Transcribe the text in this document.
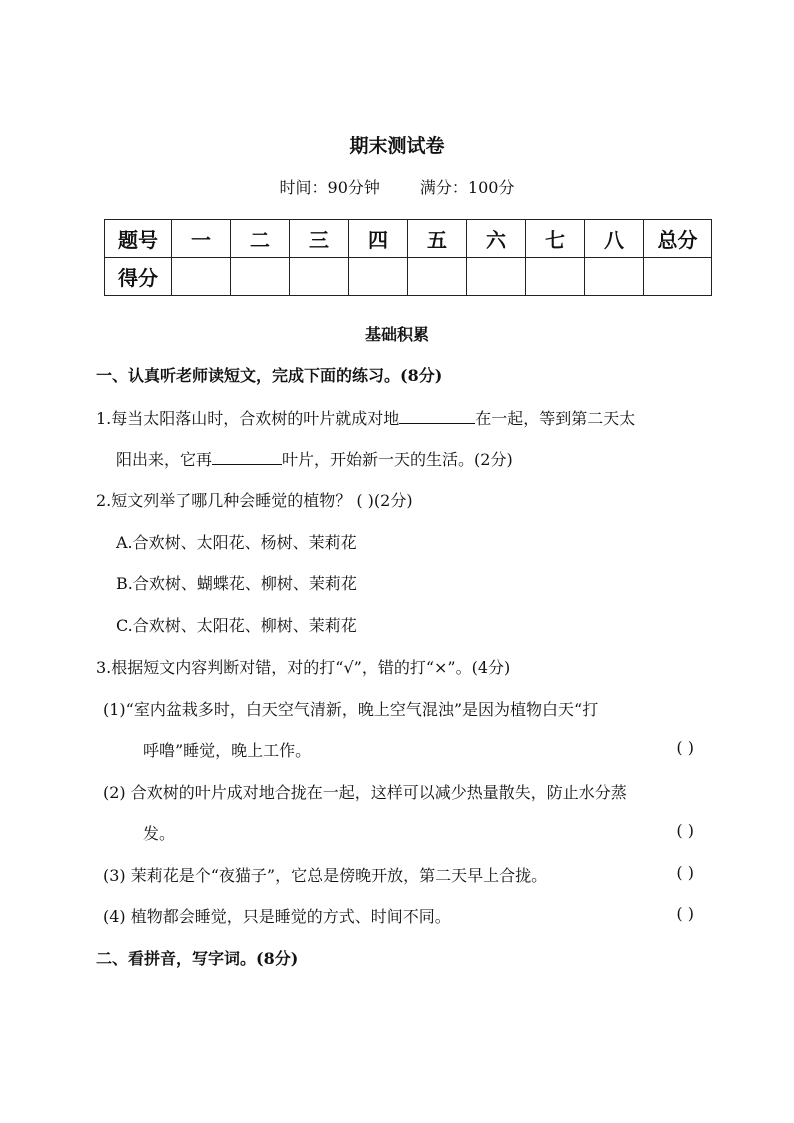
期末测试卷
时间：90分钟	满分：100分
题号	一	二	三	四	五	六	七	八	总分
得分									
基础积累
一、认真听老师读短文，完成下面的练习。(8分)
1.每当太阳落山时，合欢树的叶片就成对地	在一起，等到第二天太
阳出来，它再	叶片，开始新一天的生活。(2分)
2.短文列举了哪几种会睡觉的植物？ ( )(2分)
A.合欢树、太阳花、杨树、茉莉花
B.合欢树、蝴蝶花、柳树、茉莉花
C.合欢树、太阳花、柳树、茉莉花
3.根据短文内容判断对错，对的打“√”，错的打“×”。(4分)
(1)“室内盆栽多时，白天空气清新，晚上空气混浊”是因为植物白天“打
呼噜”睡觉，晚上工作。	( )
(2) 合欢树的叶片成对地合拢在一起，这样可以减少热量散失，防止水分蒸
发。	( )
(3) 茉莉花是个“夜猫子”，它总是傍晚开放，第二天早上合拢。	( )
(4) 植物都会睡觉，只是睡觉的方式、时间不同。	( )
二、看拼音，写字词。(8分)
